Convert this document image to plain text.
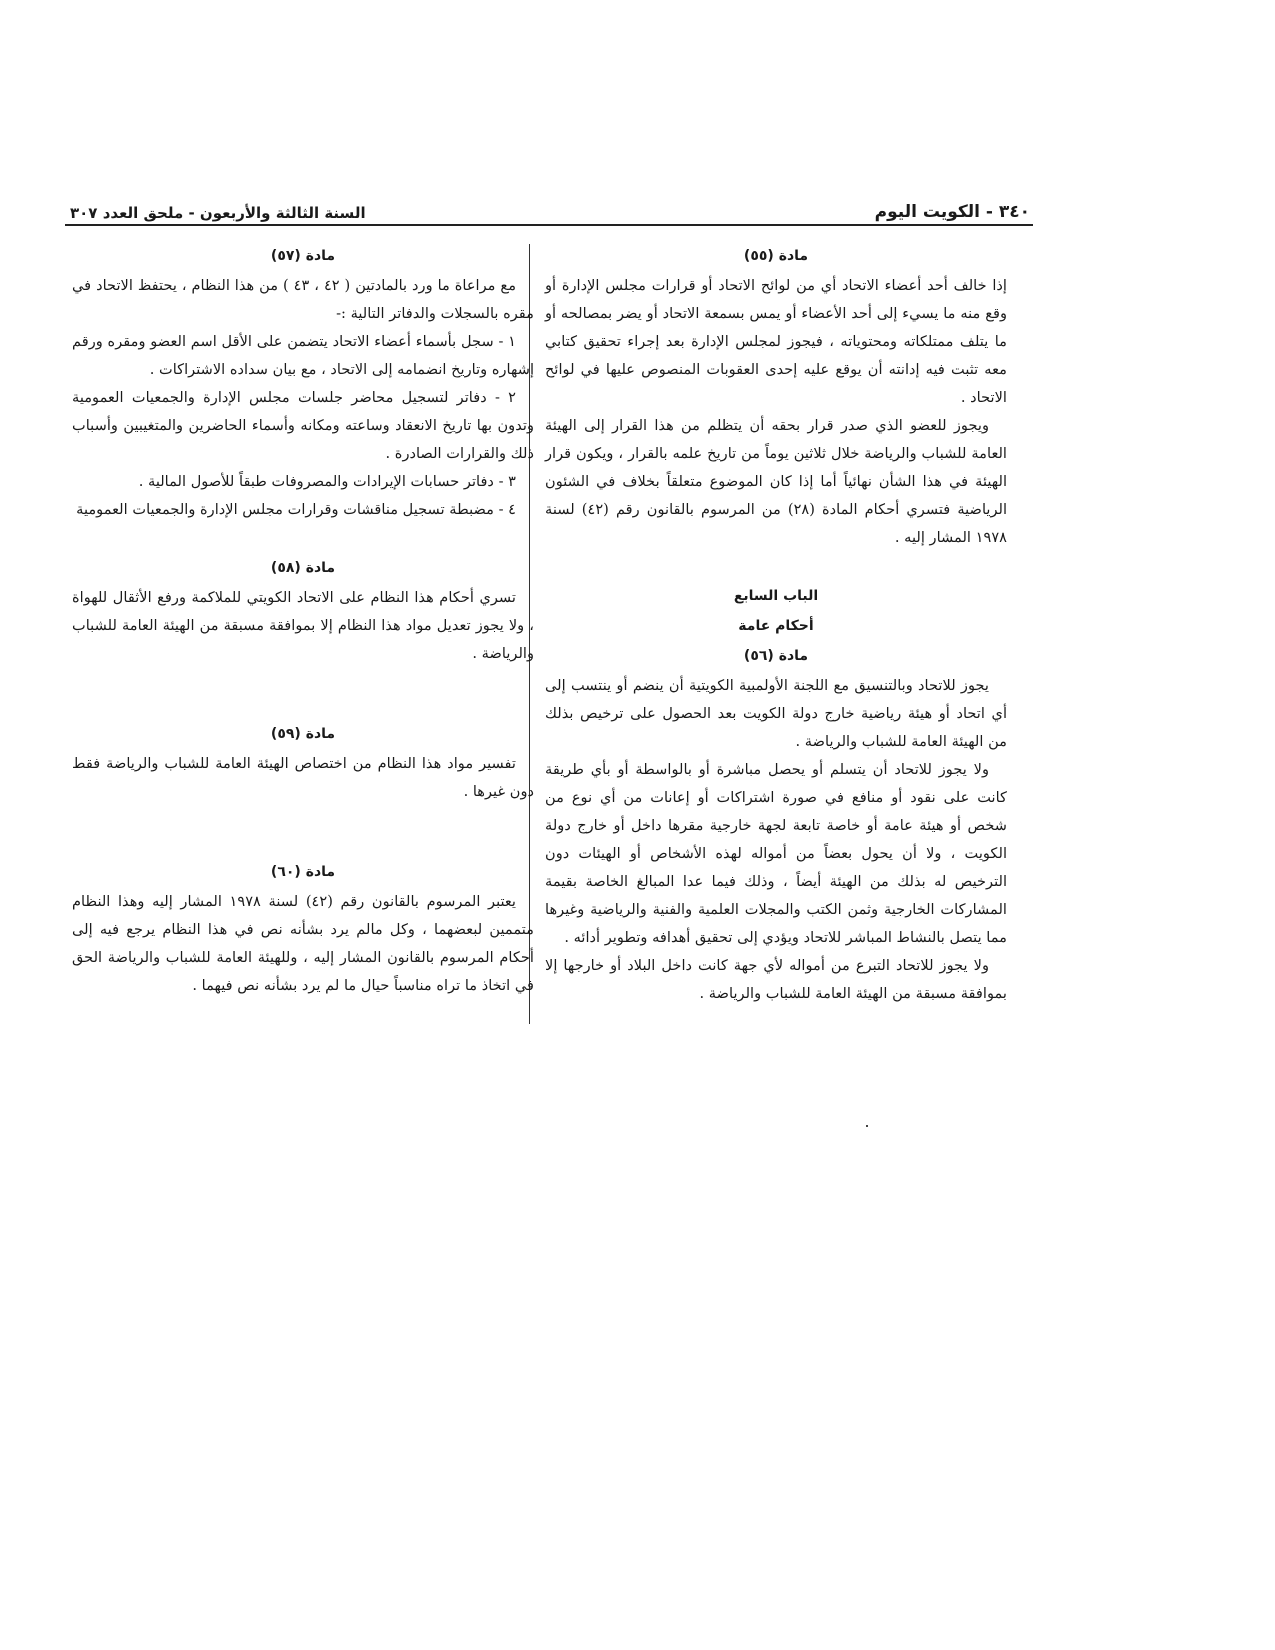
٣٤٠ - الكويت اليوم
السنة الثالثة والأربعون - ملحق العدد ٣٠٧
مادة (٥٥)

إذا خالف أحد أعضاء الاتحاد أي من لوائح الاتحاد أو قرارات مجلس الإدارة أو وقع منه ما يسيء إلى أحد الأعضاء أو يمس بسمعة الاتحاد أو يضر بمصالحه أو ما يتلف ممتلكاته ومحتوياته ، فيجوز لمجلس الإدارة بعد إجراء تحقيق كتابي معه تثبت فيه إدانته أن يوقع عليه إحدى العقوبات المنصوص عليها في لوائح الاتحاد .

ويجوز للعضو الذي صدر قرار بحقه أن يتظلم من هذا القرار إلى الهيئة العامة للشباب والرياضة خلال ثلاثين يوماً من تاريخ علمه بالقرار ، ويكون قرار الهيئة في هذا الشأن نهائياً أما إذا كان الموضوع متعلقاً بخلاف في الشئون الرياضية فتسري أحكام المادة (٢٨) من المرسوم بالقانون رقم (٤٢) لسنة ١٩٧٨ المشار إليه .

الباب السابع
أحكام عامة
مادة (٥٦)

يجوز للاتحاد وبالتنسيق مع اللجنة الأولمبية الكويتية أن ينضم أو ينتسب إلى أي اتحاد أو هيئة رياضية خارج دولة الكويت بعد الحصول على ترخيص بذلك من الهيئة العامة للشباب والرياضة .

ولا يجوز للاتحاد أن يتسلم أو يحصل مباشرة أو بالواسطة أو بأي طريقة كانت على نقود أو منافع في صورة اشتراكات أو إعانات من أي نوع من شخص أو هيئة عامة أو خاصة تابعة لجهة خارجية مقرها داخل أو خارج دولة الكويت ، ولا أن يحول بعضاً من أمواله لهذه الأشخاص أو الهيئات دون الترخيص له بذلك من الهيئة أيضاً ، وذلك فيما عدا المبالغ الخاصة بقيمة المشاركات الخارجية وثمن الكتب والمجلات العلمية والفنية والرياضية وغيرها مما يتصل بالنشاط المباشر للاتحاد ويؤدي إلى تحقيق أهدافه وتطوير أدائه .

ولا يجوز للاتحاد التبرع من أمواله لأي جهة كانت داخل البلاد أو خارجها إلا بموافقة مسبقة من الهيئة العامة للشباب والرياضة .

مادة (٥٧)

مع مراعاة ما ورد بالمادتين ( ٤٢ ، ٤٣ ) من هذا النظام ، يحتفظ الاتحاد في مقره بالسجلات والدفاتر التالية :-

١ - سجل بأسماء أعضاء الاتحاد يتضمن على الأقل اسم العضو ومقره ورقم إشهاره وتاريخ انضمامه إلى الاتحاد ، مع بيان سداده الاشتراكات .

٢ - دفاتر لتسجيل محاضر جلسات مجلس الإدارة والجمعيات العمومية وتدون بها تاريخ الانعقاد وساعته ومكانه وأسماء الحاضرين والمتغيبين وأسباب ذلك والقرارات الصادرة .

٣ - دفاتر حسابات الإيرادات والمصروفات طبقاً للأصول المالية .

٤ - مضبطة تسجيل مناقشات وقرارات مجلس الإدارة والجمعيات العمومية

مادة (٥٨)

تسري أحكام هذا النظام على الاتحاد الكويتي للملاكمة ورفع الأثقال للهواة ، ولا يجوز تعديل مواد هذا النظام إلا بموافقة مسبقة من الهيئة العامة للشباب والرياضة .

مادة (٥٩)

تفسير مواد هذا النظام من اختصاص الهيئة العامة للشباب والرياضة فقط دون غيرها .

مادة (٦٠)

يعتبر المرسوم بالقانون رقم (٤٢) لسنة ١٩٧٨ المشار إليه وهذا النظام متممين لبعضهما ، وكل مالم يرد بشأنه نص في هذا النظام يرجع فيه إلى أحكام المرسوم بالقانون المشار إليه ، وللهيئة العامة للشباب والرياضة الحق في اتخاذ ما تراه مناسباً حيال ما لم يرد بشأنه نص فيهما .
